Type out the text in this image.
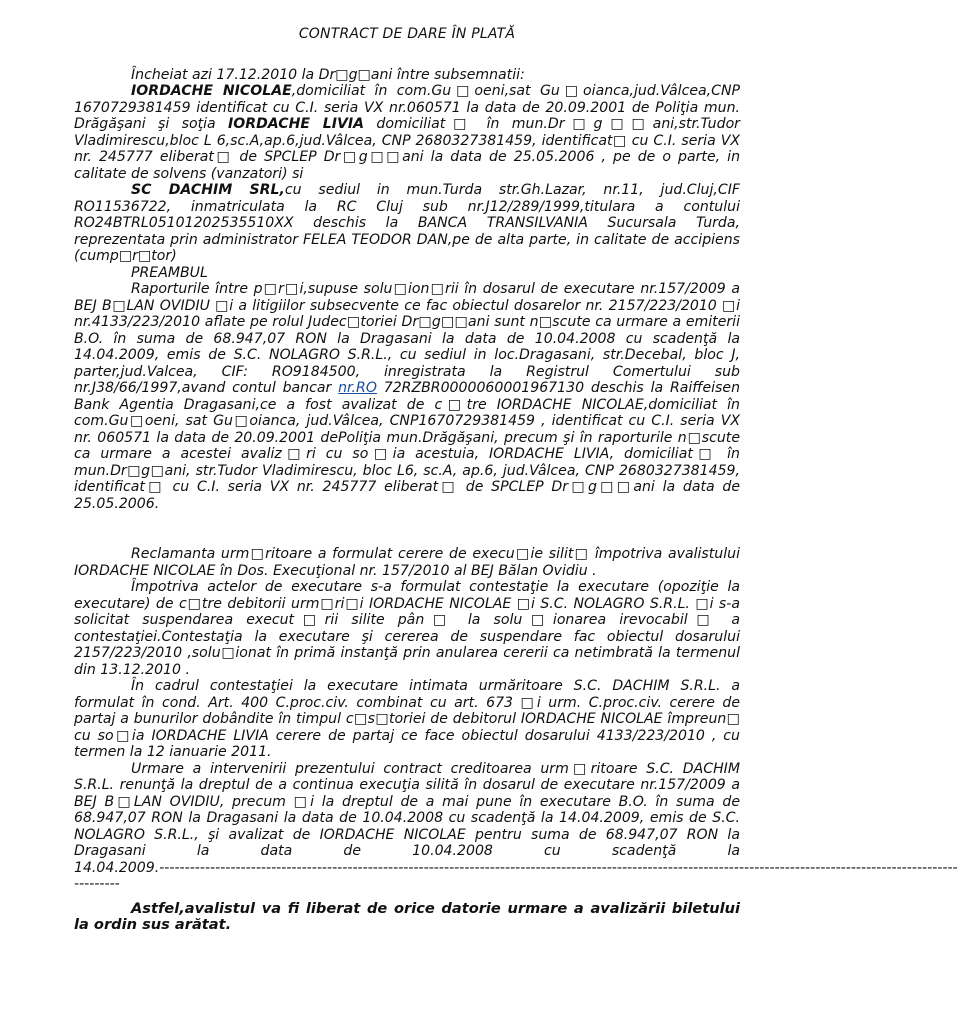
CONTRACT DE DARE ÎN PLATĂ

Încheiat azi 17.12.2010 la Dr□g□ani între subsemnatii:

IORDACHE NICOLAE,domiciliat în com.Gu□oeni,sat Gu□oianca,jud.Vâlcea,CNP 1670729381459 identificat cu C.I. seria VX nr.060571 la data de 20.09.2001 de Poliţia mun. Drăgăşani şi soţia IORDACHE LIVIA domiciliat□ în mun.Dr□g□□ani,str.Tudor Vladimirescu,bloc L 6,sc.A,ap.6,jud.Vâlcea, CNP 2680327381459, identificat□ cu C.I. seria VX nr. 245777 eliberat□ de SPCLEP Dr□g□□ani la data de 25.05.2006 , pe de o parte, in calitate de solvens (vanzatori) si

SC DACHIM SRL,cu sediul in mun.Turda str.Gh.Lazar, nr.11, jud.Cluj,CIF RO11536722, inmatriculata la RC Cluj sub nr.J12/289/1999,titulara a contului RO24BTRL05101202535510XX deschis la BANCA TRANSILVANIA Sucursala Turda, reprezentata prin administrator FELEA TEODOR DAN,pe de alta parte, in calitate de accipiens (cump□r□tor)

PREAMBUL

Raporturile între p□r□i,supuse solu□ion□rii în dosarul de executare nr.157/2009 a BEJ B□LAN OVIDIU □i a litigiilor subsecvente ce fac obiectul dosarelor nr. 2157/223/2010 □i nr.4133/223/2010 aflate pe rolul Judec□toriei Dr□g□□ani sunt n□scute ca urmare a emiterii B.O. în suma de 68.947,07 RON la Dragasani la data de 10.04.2008 cu scadenţă la 14.04.2009, emis de S.C. NOLAGRO S.R.L., cu sediul in loc.Dragasani, str.Decebal, bloc J, parter,jud.Valcea, CIF: RO9184500, inregistrata la Registrul Comertului sub nr.J38/66/1997,avand contul bancar nr.RO 72RZBR0000060001967130 deschis la Raiffeisen Bank Agentia Dragasani,ce a fost avalizat de c□tre IORDACHE NICOLAE,domiciliat în com.Gu□oeni, sat Gu□oianca, jud.Vâlcea, CNP1670729381459 , identificat cu C.I. seria VX nr. 060571 la data de 20.09.2001 dePoliţia mun.Drăgăşani, precum şi în raporturile n□scute ca urmare a acestei avaliz□ri cu so□ia acestuia, IORDACHE LIVIA, domiciliat□ în mun.Dr□g□ani, str.Tudor Vladimirescu, bloc L6, sc.A, ap.6, jud.Vâlcea, CNP 2680327381459, identificat□ cu C.I. seria VX nr. 245777 eliberat□ de SPCLEP Dr□g□□ani la data de 25.05.2006.

Reclamanta urm□ritoare a formulat cerere de execu□ie silit□ împotriva avalistului IORDACHE NICOLAE în Dos. Execuţional nr. 157/2010 al BEJ Bălan Ovidiu .

Împotriva actelor de executare s-a formulat contestaţie la executare (opoziţie la executare) de c□tre debitorii urm□ri□i IORDACHE NICOLAE □i S.C. NOLAGRO S.R.L. □i s-a solicitat suspendarea execut□rii silite pân□ la solu□ionarea irevocabil□ a contestaţiei.Contestaţia la executare şi cererea de suspendare fac obiectul dosarului 2157/223/2010 ,solu□ionat în primă instanţă prin anularea cererii ca netimbrată la termenul din 13.12.2010 .

În cadrul contestaţiei la executare intimata urmăritoare S.C. DACHIM S.R.L. a formulat în cond. Art. 400 C.proc.civ. combinat cu art. 673 □i urm. C.proc.civ. cerere de partaj a bunurilor dobândite în timpul c□s□toriei de debitorul IORDACHE NICOLAE împreun□ cu so□ia IORDACHE LIVIA cerere de partaj ce face obiectul dosarului 4133/223/2010 , cu termen la 12 ianuarie 2011.

Urmare a intervenirii prezentului contract creditoarea urm□ritoare S.C. DACHIM S.R.L. renunţă la dreptul de a continua execuţia silită în dosarul de executare nr.157/2009 a BEJ B□LAN OVIDIU, precum □i la dreptul de a mai pune în executare B.O. în suma de 68.947,07 RON la Dragasani la data de 10.04.2008 cu scadenţă la 14.04.2009, emis de S.C. NOLAGRO S.R.L., şi avalizat de IORDACHE NICOLAE pentru suma de 68.947,07 RON la Dragasani la data de 10.04.2008 cu scadenţă	la

14.04.2009.-------------------------------------------------------------------------------------------------------------------------------------------------------------
---------

Astfel,avalistul va fi liberat de orice datorie urmare a avalizării biletului la ordin sus arătat.
